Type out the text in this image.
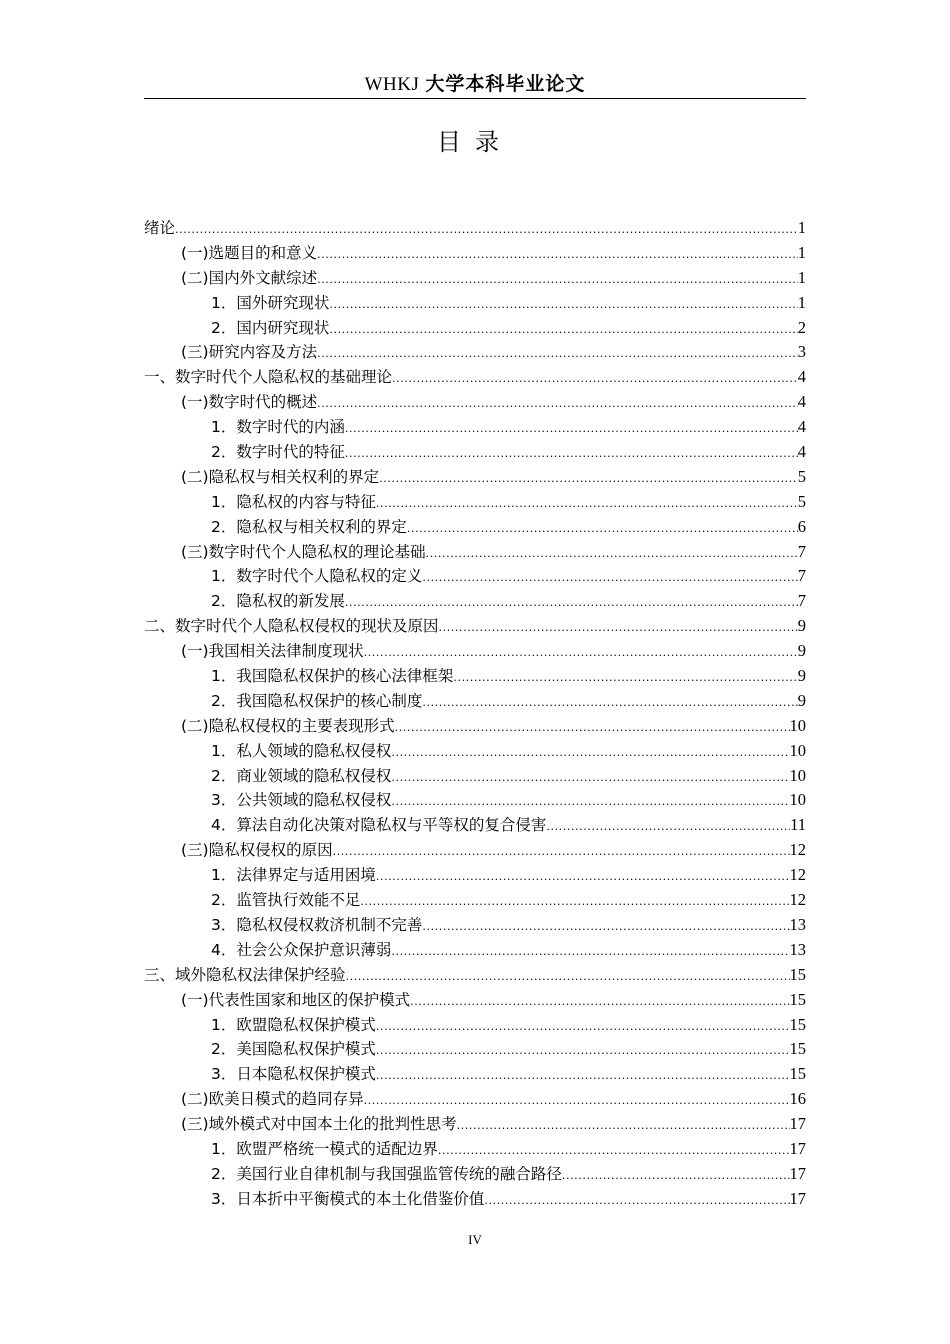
WHKJ 大学本科毕业论文
目录
绪论 .....	1
(一)选题目的和意义 .....	1
(二)国内外文献综述 .....	1
1．国外研究现状 .....	1
2．国内研究现状 .....	2
(三)研究内容及方法 .....	3
一、数字时代个人隐私权的基础理论 .....	4
(一)数字时代的概述 .....	4
1．数字时代的内涵 .....	4
2．数字时代的特征 .....	4
(二)隐私权与相关权利的界定 .....	5
1．隐私权的内容与特征 .....	5
2．隐私权与相关权利的界定 .....	6
(三)数字时代个人隐私权的理论基础 .....	7
1．数字时代个人隐私权的定义 .....	7
2．隐私权的新发展 .....	7
二、数字时代个人隐私权侵权的现状及原因 .....	9
(一)我国相关法律制度现状 .....	9
1．我国隐私权保护的核心法律框架 .....	9
2．我国隐私权保护的核心制度 .....	9
(二)隐私权侵权的主要表现形式 .....	10
1．私人领域的隐私权侵权 .....	10
2．商业领域的隐私权侵权 .....	10
3．公共领域的隐私权侵权 .....	10
4．算法自动化决策对隐私权与平等权的复合侵害 .....	11
(三)隐私权侵权的原因 .....	12
1．法律界定与适用困境 .....	12
2．监管执行效能不足 .....	12
3．隐私权侵权救济机制不完善 .....	13
4．社会公众保护意识薄弱 .....	13
三、域外隐私权法律保护经验 .....	15
(一)代表性国家和地区的保护模式 .....	15
1．欧盟隐私权保护模式 .....	15
2．美国隐私权保护模式 .....	15
3．日本隐私权保护模式 .....	15
(二)欧美日模式的趋同存异 .....	16
(三)域外模式对中国本土化的批判性思考 .....	17
1．欧盟严格统一模式的适配边界 .....	17
2．美国行业自律机制与我国强监管传统的融合路径 .....	17
3．日本折中平衡模式的本土化借鉴价值 .....	17
IV
